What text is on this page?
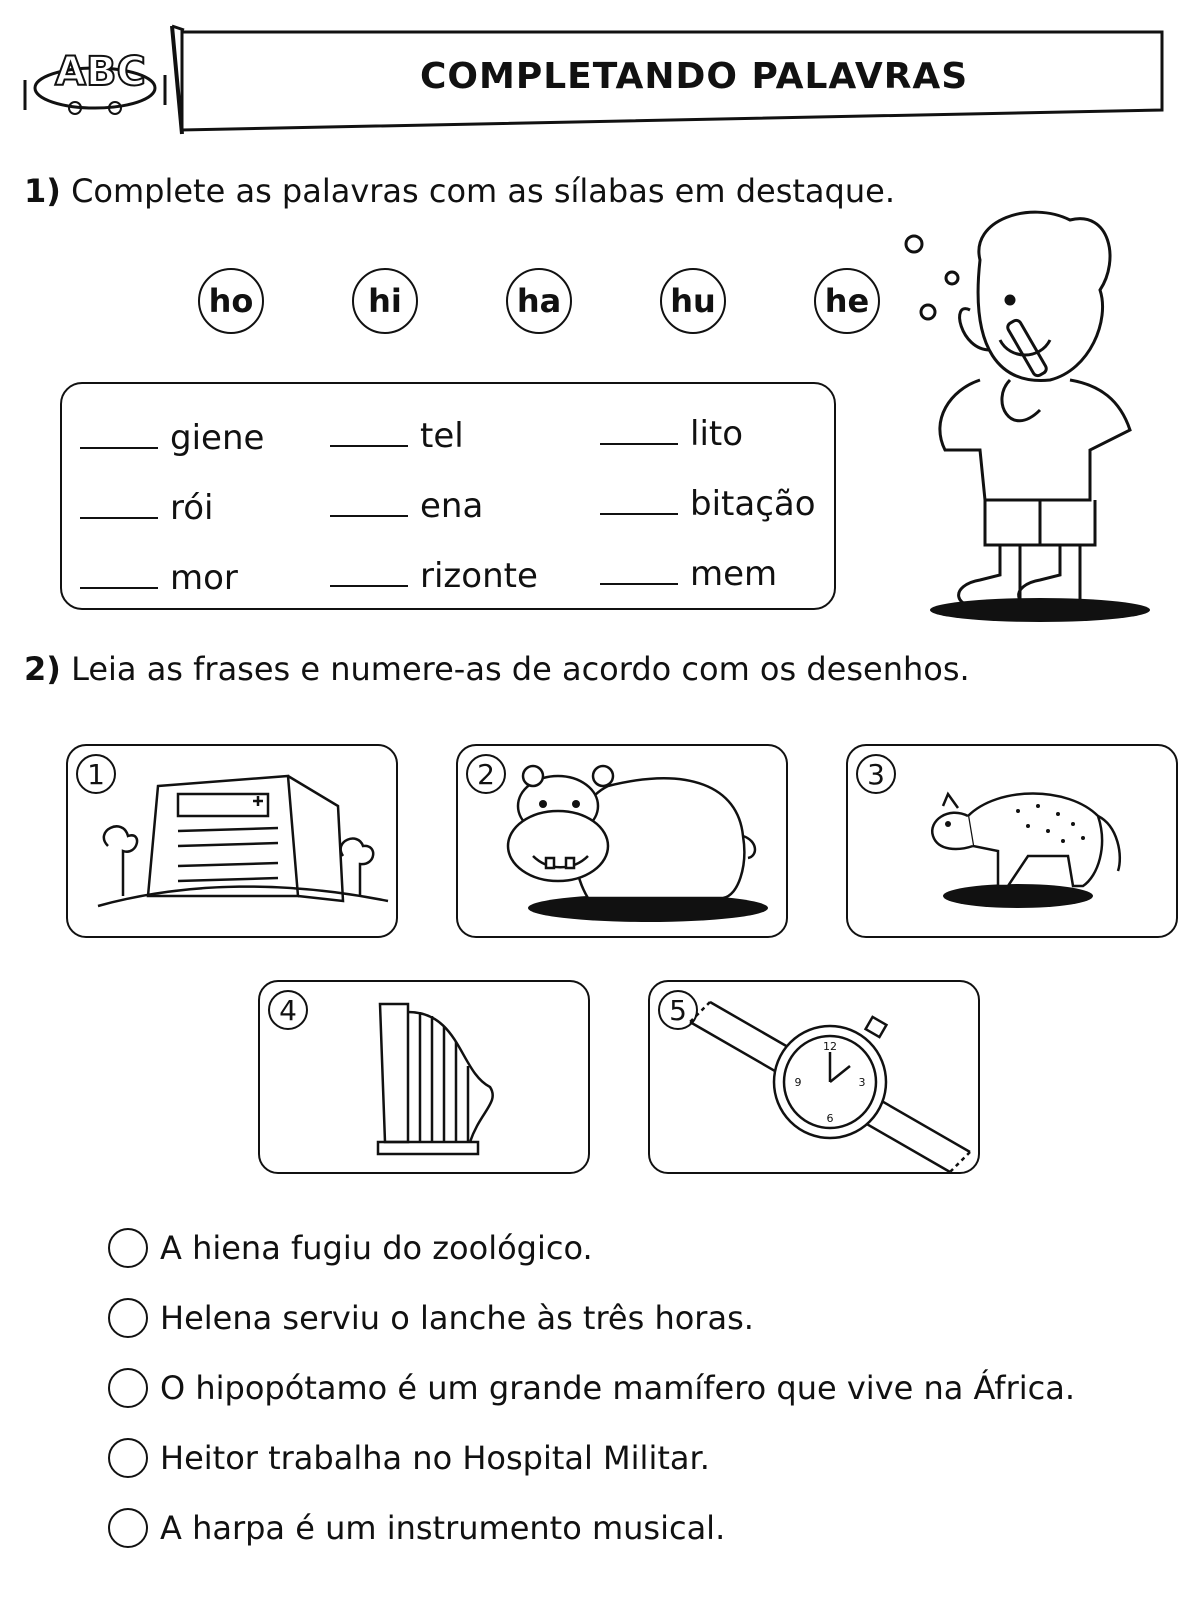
ABC	COMPLETANDO PALAVRAS
1) Complete as palavras com as sílabas em destaque.
ho	hi	ha	hu	he
giene	tel	lito
rói	ena	bitação
mor	rizonte	mem
2) Leia as frases e numere-as de acordo com os desenhos.
1	2	3
4	5
12
3
6
9
A hiena fugiu do zoológico.
Helena serviu o lanche às três horas.
O hipopótamo é um grande mamífero que vive na África.
Heitor trabalha no Hospital Militar.
A harpa é um instrumento musical.
